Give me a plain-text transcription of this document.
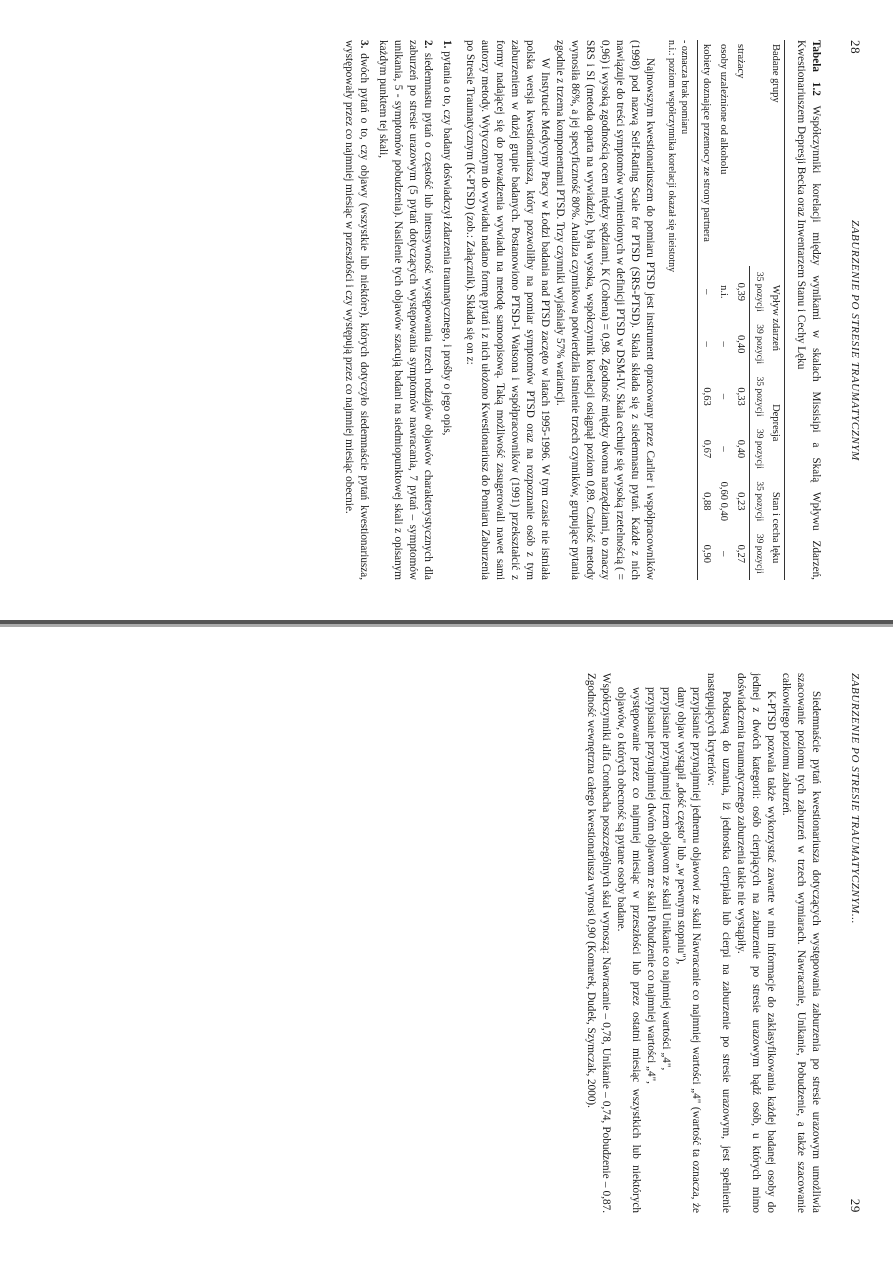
28
ZABURZENIE PO STRESIE TRAUMATYCZNYM
Tabela 1.2 Współczynniki korelacji między wynikami w skalach Missisipi a Skalą Wpływu Zdarzeń, Kwestionariuszem Depresji Becka oraz Inwentarzem Stanu i Cechy Lęku
Badane grupy	Wpływ zdarzeń		Depresja		Stan i cecha lęku	
	35 pozycji	39 pozycji	35 pozycji	39 pozycji	35 pozycji	39 pozycji
strażacy	0,39	0,40	0,33	0,40	0,23	0,27
osoby uzależnione od alkoholu	n.i.	–	–	–	0,60 0,40	–
kobiety doznające przemocy ze strony partnera	–	–	0,63	0,67	0,88	0,90
- oznacza brak pomiaru
n.i.: poziom współczynnika korelacji okazał się nieistotny

Najnowszym kwestionariuszem do pomiaru PTSD jest instrument opracowany przez Carlier i współpracowników (1998) pod nazwą Self-Rating Scale for PTSD (SRS-PTSD). Skala składa się z siedemnastu pytań. Każde z nich nawiązuje do treści symptomów wymienionych w definicji PTSD w DSM-IV. Skala cechuje się wysoką rzetelnością ( = 0,96) i wysoką zgodnością ocen między sędziami, K (Cohena) = 0,98. Zgodność między dwoma narzędziami, to znaczy SRS i SI (metoda oparta na wywiadzie), była wysoka, współczynnik korelacji osiągnął poziom 0,89. Czułość metody wynosiła 86%, a jej specyficzność 80%. Analiza czynnikowa potwierdziła istnienie trzech czynników, grupujące pytania zgodnie z trzema komponentami PTSD. Trzy czynniki wyjaśniały 57% wariancji.

W Instytucie Medycyny Pracy w Łodzi badania nad PTSD zaczęto w latach 1995-1996. W tym czasie nie istniała polska wersja kwestionariusza, który pozwoliłby na pomiar symptomów PTSD oraz na rozpoznanie osób z tym zaburzeniem w dużej grupie badanych. Postanowiono PTSD-I Watsona i współpracowników (1991) przekształcić z formy nadającej się do prowadzenia wywiadu na metodę samoopisową. Taką możliwość zasugerowali nawet sami autorzy metody. Wytyczonym do wywiadu nadano formę pytań i z nich ułożono Kwestionariusz do Pomiaru Zaburzenia po Stresie Traumatycznym (K-PTSD) (zob.: Załącznik). Składa się on z:

1. pytania o to, czy badany doświadczył zdarzenia traumatycznego, i prośby o jego opis,
2. siedemnastu pytań o częstość lub intensywność występowania trzech rodzajów objawów charakterystycznych dla zaburzeń po stresie urazowym (5 pytań dotyczących występowania symptomów nawracania, 7 pytań – symptomów unikania, 5 - symptomów pobudzenia). Nasilenie tych objawów szacują badani na siedmiopunktowej skali z opisanym każdym punktem tej skali,
3. dwóch pytań o to, czy objawy (wszystkie lub niektóre), których dotyczyło siedemnaście pytań kwestionariusza, występowały przez co najmniej miesiąc w przeszłości i czy występują przez co najmniej miesiąc obecnie.
ZABURZENIE PO STRESIE TRAUMATYCZNYM...
29

Siedemnaście pytań kwestionariusza dotyczących występowania zaburzenia po stresie urazowym umożliwia szacowanie poziomu tych zaburzeń w trzech wymiarach. Nawracanie, Unikanie, Pobudzenie, a także szacowanie całkowitego poziomu zaburzeń.

K-PTSD pozwala także wykorzystać zawarte w nim informacje do zaklasyfikowania każdej badanej osoby do jednej z dwóch kategorii: osób cierpiących na zaburzenie po stresie urazowym bądź osób, u których mimo doświadczenia traumatycznego zaburzenia takie nie wystąpiły.

Podstawą do uznania, iż jednostka cierpiała lub cierpi na zaburzenie po stresie urazowym, jest spełnienie następujących kryteriów:

przypisanie przynajmniej jednemu objawowi ze skali Nawracanie co najmniej wartości „4" (wartość ta oznacza, że dany objaw wystąpił „dość często" lub „w pewnym stopniu"),
przypisanie przynajmniej trzem objawom ze skali Unikanie co najmniej wartości „4",
przypisanie przynajmniej dwóm objawom ze skali Pobudzenie co najmniej wartości „4",
występowanie przez co najmniej miesiąc w przeszłości lub przez ostatni miesiąc wszystkich lub niektórych objawów, o których obecność są pytane osoby badane.

Współczynniki alfa Cronbacha poszczególnych skal wynoszą: Nawracanie – 0,78, Unikanie – 0,74, Pobudzenie – 0,87. Zgodność wewnętrzna całego kwestionariusza wynosi 0,90 (Komarek, Dudek, Szymczak, 2000).
